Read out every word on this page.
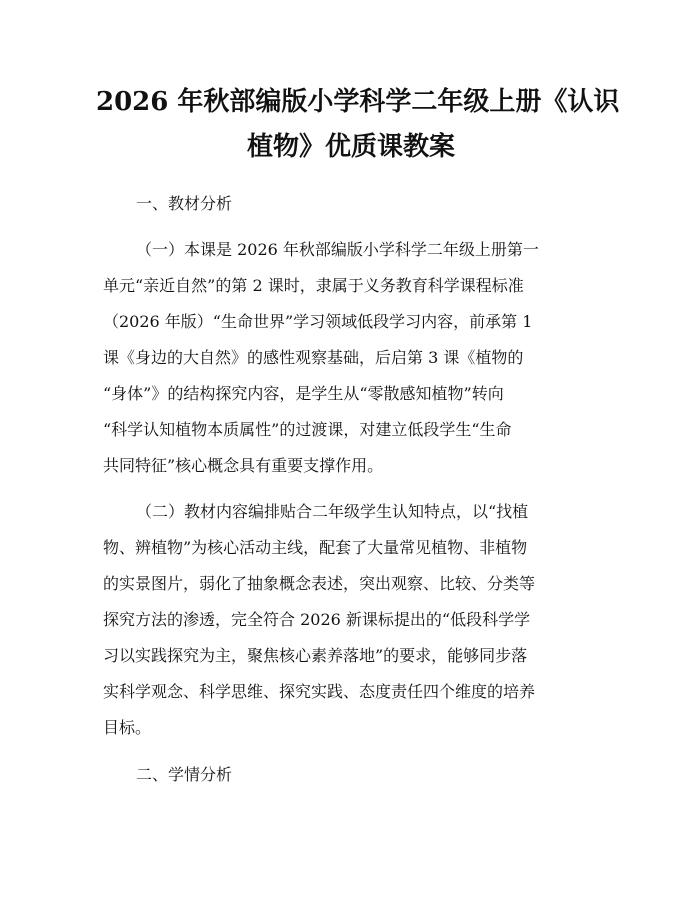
2026 年秋部编版小学科学二年级上册《认识
植物》优质课教案
一、教材分析
（一）本课是 2026 年秋部编版小学科学二年级上册第一
单元“亲近自然”的第 2 课时，隶属于义务教育科学课程标准
（2026 年版）“生命世界”学习领域低段学习内容，前承第 1
课《身边的大自然》的感性观察基础，后启第 3 课《植物的
“身体”》的结构探究内容，是学生从“零散感知植物”转向
“科学认知植物本质属性”的过渡课，对建立低段学生“生命
共同特征”核心概念具有重要支撑作用。
（二）教材内容编排贴合二年级学生认知特点，以“找植
物、辨植物”为核心活动主线，配套了大量常见植物、非植物
的实景图片，弱化了抽象概念表述，突出观察、比较、分类等
探究方法的渗透，完全符合 2026 新课标提出的“低段科学学
习以实践探究为主，聚焦核心素养落地”的要求，能够同步落
实科学观念、科学思维、探究实践、态度责任四个维度的培养
目标。
二、学情分析
